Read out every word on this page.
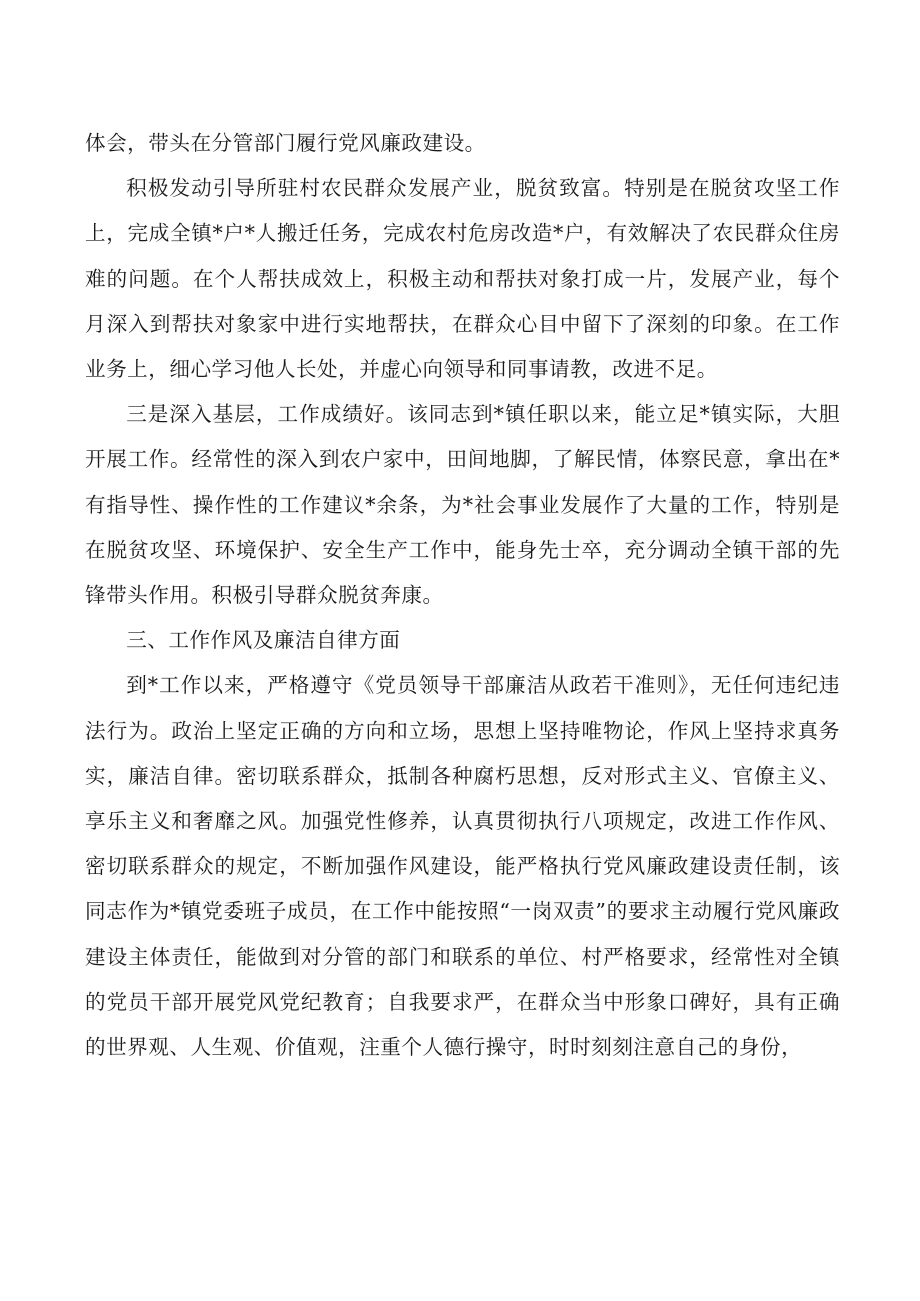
体会，带头在分管部门履行党风廉政建设。

积极发动引导所驻村农民群众发展产业，脱贫致富。特别是在脱贫攻坚工作上，完成全镇*户*人搬迁任务，完成农村危房改造*户，有效解决了农民群众住房难的问题。在个人帮扶成效上，积极主动和帮扶对象打成一片，发展产业，每个月深入到帮扶对象家中进行实地帮扶，在群众心目中留下了深刻的印象。在工作业务上，细心学习他人长处，并虚心向领导和同事请教，改进不足。

三是深入基层，工作成绩好。该同志到*镇任职以来，能立足*镇实际，大胆开展工作。经常性的深入到农户家中，田间地脚，了解民情，体察民意，拿出在*有指导性、操作性的工作建议*余条，为*社会事业发展作了大量的工作，特别是在脱贫攻坚、环境保护、安全生产工作中，能身先士卒，充分调动全镇干部的先锋带头作用。积极引导群众脱贫奔康。

三、工作作风及廉洁自律方面

到*工作以来，严格遵守《党员领导干部廉洁从政若干准则》，无任何违纪违法行为。政治上坚定正确的方向和立场，思想上坚持唯物论，作风上坚持求真务实，廉洁自律。密切联系群众，抵制各种腐朽思想，反对形式主义、官僚主义、享乐主义和奢靡之风。加强党性修养，认真贯彻执行八项规定，改进工作作风、密切联系群众的规定，不断加强作风建设，能严格执行党风廉政建设责任制，该同志作为*镇党委班子成员，在工作中能按照“一岗双责”的要求主动履行党风廉政建设主体责任，能做到对分管的部门和联系的单位、村严格要求，经常性对全镇的党员干部开展党风党纪教育；自我要求严，在群众当中形象口碑好，具有正确的世界观、人生观、价值观，注重个人德行操守，时时刻刻注意自己的身份，
